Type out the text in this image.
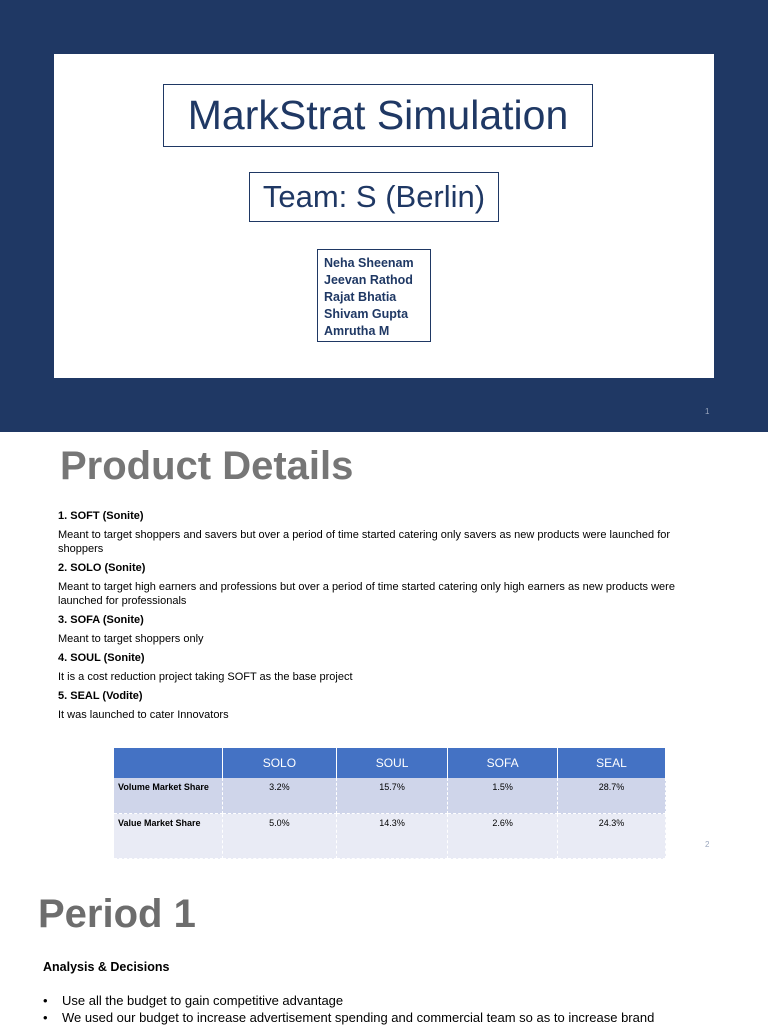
MarkStrat Simulation
Team: S (Berlin)
Neha Sheenam
Jeevan Rathod
Rajat Bhatia
Shivam Gupta
Amrutha M
1
Product Details
1. SOFT (Sonite)
Meant to target shoppers and savers but over a period of time started catering only savers as new products were launched for shoppers
2. SOLO (Sonite)
Meant to target high earners and professions but over a period of time started catering only high earners as new products were launched for professionals
3. SOFA (Sonite)
Meant to target shoppers only
4. SOUL (Sonite)
It is a cost reduction project taking SOFT as the base project
5. SEAL (Vodite)
It was launched to cater Innovators
	SOLO	SOUL	SOFA	SEAL
Volume Market Share	3.2%	15.7%	1.5%	28.7%
Value Market Share	5.0%	14.3%	2.6%	24.3%
2
Period 1
Analysis & Decisions
• Use all the budget to gain competitive advantage
• We used our budget to increase advertisement spending and commercial team so as to increase brand
